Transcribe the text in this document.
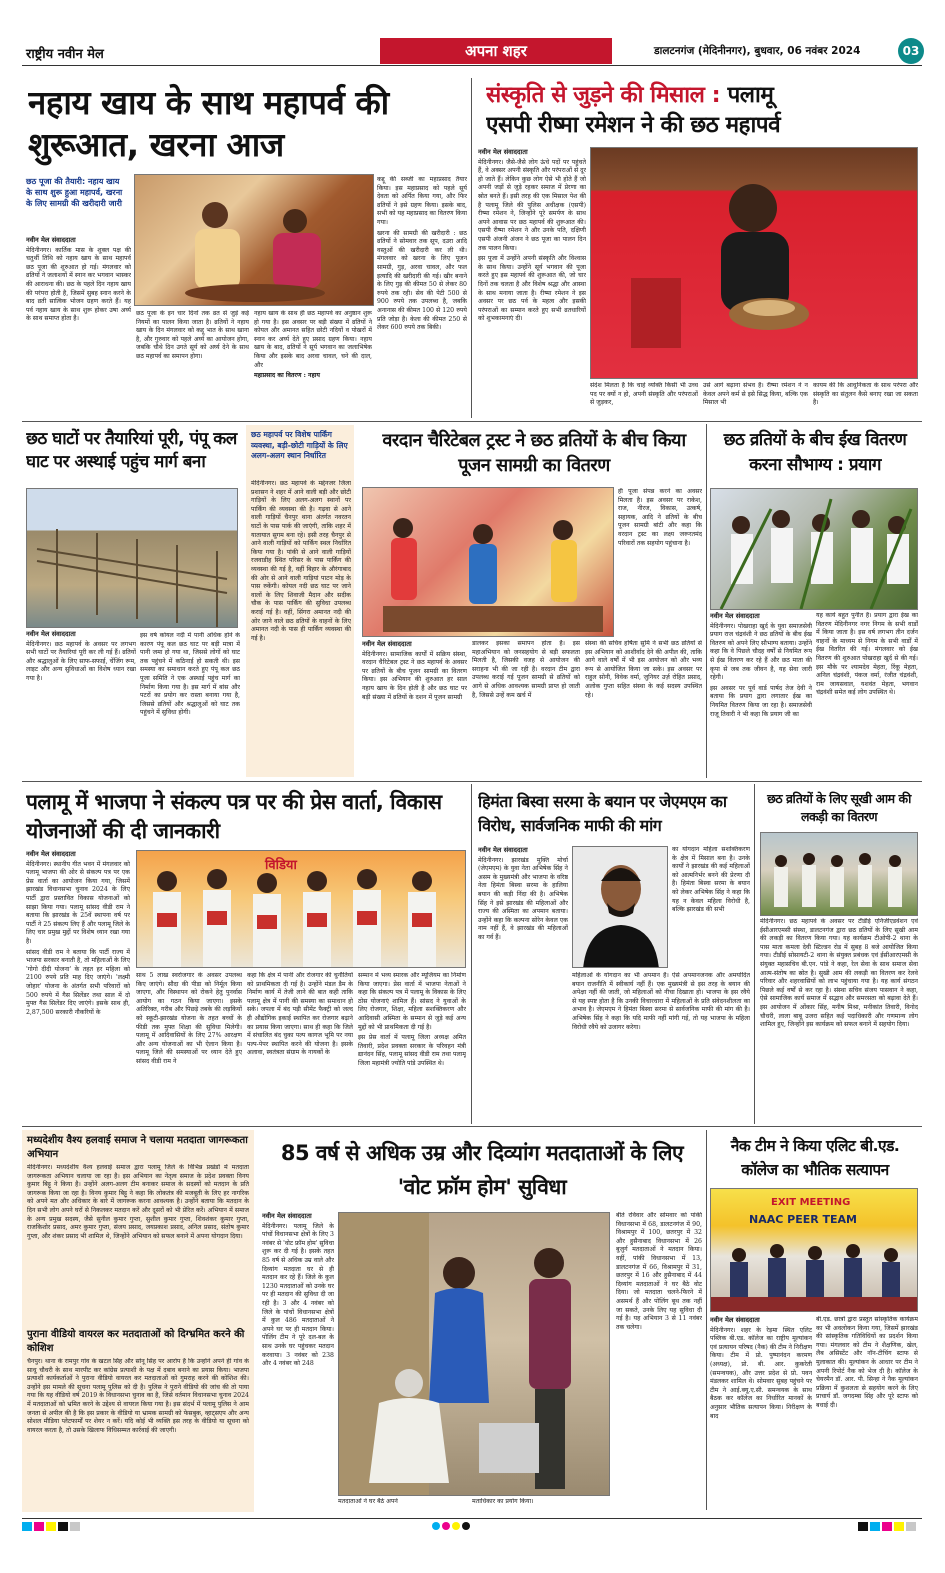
राष्ट्रीय नवीन मेल	अपना शहर	डालटनगंज (मेदिनीनगर), बुधवार, 06 नवंबर 2024	03
नहाय खाय के साथ महापर्व की शुरूआत, खरना आज
छठ पूजा की तैयारी: नहाय खाय के साथ शुरू हुआ महापर्व, खरना के लिए सामग्री की खरीदारी जारी
नवीन मेल संवाददाता

मेदिनीनगर। कार्तिक मास के शुक्ल पक्ष की चतुर्थी तिथि को नहाय खाय के साथ महापर्व छठ पूजा की शुरुआत हो गई। मंगलवार को व्रतियों ने जलाशयों में स्नान कर भगवान भास्कर की आराधना की। छठ के पहले दिन नहाय खाय की परंपरा होती है, जिसमें सुबह स्नान करने के बाद व्रती सात्विक भोजन ग्रहण करते हैं। यह पर्व नहाय खाय के साथ शुरू होकर उषा अर्घ्य के साथ समाप्त होता है।

छठ पूजा के इन चार दिनों तक व्रत से जुड़े कई नियमों का पालन किया जाता है। व्रतियों ने नहाय खाय के दिन मंगलवार को कद्दू भात के साथ खाना है, और गुरुवार को पहले अर्घ्य का आयोजन होगा, जबकि चौथे दिन उगते सूर्य को अर्घ्य देने के साथ छठ महापर्व का समापन होगा।

नहाय खाय के साथ ही छठ महापर्व का अनुष्ठान शुरू हो गया है। इस अवसर पर बड़ी संख्या में व्रतियों ने कोयल और अमानत सहित छोटी नदियों व पोखरों में स्नान कर अर्घ्य देते हुए प्रसाद ग्रहण किया। नहाय खाय के बाद, व्रतियों ने सूर्य भगवान का जलाभिषेक किया और इसके बाद अरवा चावल, चने की दाल, और

महाप्रसाद का वितरण : नहाय

कद्दू की सब्जी का महाप्रसाद तैयार किया। इस महाप्रसाद को पहले सूर्य देवता को अर्पित किया गया, और फिर व्रतियों ने इसे ग्रहण किया। इसके बाद, सभी को यह महाप्रसाद का वितरण किया गया।

खरना की सामग्री की खरीदारी : छठ व्रतियों ने सोमवार तक सूप, दउरा आदि वस्तुओं की खरीदारी कर ली थी। मंगलवार को खरना के लिए पूजन सामग्री, गुड़, अरवा चावल, और फल इत्यादि की खरीदारी की गई। खीर बनाने के लिए गुड़ की कीमत 50 से लेकर 80 रुपये तक रही। सेव की पेटी 500 से 900 रुपये तक उपलब्ध है, जबकि अनानास की कीमत 100 से 120 रुपये प्रति जोड़ा है। केला की कीमत 250 से लेकर 600 रुपये तक बिकी।

संस्कृति से जुड़ने की मिसाल : पलामू
एसपी रीष्मा रमेशन ने की छठ महापर्व
नवीन मेल संवाददाता

मेदिनीनगर। जैसे-जैसे लोग ऊंचे पदों पर पहुंचते हैं, वे अक्सर अपनी संस्कृति और परंपराओं से दूर हो जाते हैं। लेकिन कुछ लोग ऐसे भी होते हैं जो अपनी जड़ों से जुड़े रहकर समाज में प्रेरणा का स्रोत बनते हैं। इसी तरह की एक मिसाल पेश की है पलामू जिले की पुलिस अधीक्षक (एसपी) रीष्मा रमेशन ने, जिन्होंने पूरे समर्पण के साथ अपने आवास पर छठ महापर्व की शुरूआत की। एसपी रीष्मा रमेशन ने और उनके पति, दक्षिणी एसपी अंजनी अंजन ने छठ पूजा का पालन दिन तक पालन किया।

इस पूजा में उन्होंने अपनी संस्कृति और विश्वास के साथ किया। उन्होंने सूर्य भगवान की पूजा करते हुए इस महापर्व की शुरूआत की, जो चार दिनों तक चलता है और विशेष श्रद्धा और आस्था के साथ मनाया जाता है। रीष्मा रमेशन ने इस अवसर पर छठ पर्व के महत्व और इसकी परंपराओं का सम्मान करते हुए सभी व्रतधारियों को शुभकामनाएं दी।

संदेश मिलता है कि चाहे व्यक्ति किसी भी उच्च पद पर क्यों न हो, अपनी संस्कृति और परंपराओं से जुड़कर,

उसे आगे बढ़ाना संभव है। रीष्मा रमेशन ने न केवल अपने कर्म से इसे सिद्ध किया, बल्कि एक मिसाल भी

कायम की कि आधुनिकता के साथ परंपरा और संस्कृति का संतुलन कैसे बनाए रखा जा सकता है।

छठ घाटों पर तैयारियां पूरी, पंपू कल घाट पर अस्थाई पहुंच मार्ग बना
नवीन मेल संवाददाता

मेदिनीनगर। छठ महापर्व के अवसर पर लगभग सभी घाटों पर तैयारियां पूरी कर ली गई हैं। व्रतियों और श्रद्धालुओं के लिए साफ-सफाई, चेंजिंग रूम, लाइट और अन्य सुविधाओं का विशेष ध्यान रखा गया है।

इस वर्ष कोयल नदी में पानी अधिक होने के कारण पंपू कल छठ घाट पर बड़ी मात्रा में पानी जमा हो गया था, जिससे लोगों को घाट तक पहुंचने में कठिनाई हो सकती थी। इस समस्या का समाधान करते हुए पंपू कल छठ पूजा समिति ने एक अस्थाई पहुंच मार्ग का निर्माण किया गया है। इस मार्ग में बांस और पटरों का प्रयोग कर रास्ता बनाया गया है, जिससे व्रतियों और श्रद्धालुओं को घाट तक पहुंचने में सुविधा होगी।

छठ महापर्व पर विशेष पार्किंग व्यवस्था, बड़ी-छोटी गाड़ियों के लिए अलग-अलग स्थान निर्धारित

मेदिनीनगर। छठ महापर्व के मद्देनजर जिला प्रशासन ने शहर में आने वाली बड़ी और छोटी गाड़ियों के लिए अलग-अलग स्थानों पर पार्किंग की व्यवस्था की है। गढ़वा से आने वाली गाड़ियों चैनपुर थाना अंतर्गत नवरतन घाटों के पास पार्क की जाएंगी, ताकि शहर में यातायात सुगम बना रहे। इसी तरह चैनपुर से आने वाली गाड़ियों को पार्किंग स्थल निर्धारित किया गया है। पांकी से आने वाली गाड़ियों रजवाडीह स्थित परिसर के पास पार्किंग की व्यवस्था की गई है, वहीं बिहार के औरंगाबाद की ओर से आने वाली गाड़ियां पाटन मोड़ के पास रुकेंगी। कोयल नदी छठ घाट पर जाने वालों के लिए शिवाजी मैदान और सदीक चौक के पास पार्किंग की सुविधा उपलब्ध कराई गई है। वहीं, सिंगरा अमानत नदी की ओर जाने वाले छठ व्रतियों के वाहनों के लिए अमानत नदी के पास ही पार्किंग व्यवस्था की गई है।

वरदान चैरिटेबल ट्रस्ट ने छठ व्रतियों के बीच किया पूजन सामग्री का वितरण
नवीन मेल संवाददाता

मेदिनीनगर। सामाजिक कार्यों में सक्रिय संस्था, वरदान चैरिटेबल ट्रस्ट ने छठ महापर्व के अवसर पर व्रतियों के बीच पूजन सामग्री का वितरण किया। इस अभियान की शुरुआत हर साल नहाय खाय के दिन होती है और छठ घाट पर बड़ी संख्या में व्रतियों के दशन में पूजन सामग्री

डालकर इसका समापन होता है। इस महाअभियान को जनसहयोग से बड़ी सफलता मिलती है, जिसकी वजह से आयोजन की सराहना भी की जा रही है। वरदान टीम द्वारा उपलब्ध कराई गई पूजन सामग्री से व्रतियों को आगे से अधिक आवश्यक सामग्री प्राप्त हो जाती है, जिससे उन्हें कम खर्च में

ही पूजा संपन्न करने का अवसर मिलता है। इस अवसर पर राकेश, राज, नीरज, विकास, उत्कर्ष, सहायक, आदि ने व्रतियों के बीच पूजन सामग्री बांटी और कहा कि वरदान ट्रस्ट का लक्ष्य जरूरतमंद परिवारों तक सहयोग पहुंचाना है।

संस्था की सचिव हर्षिता सुमि ने सभी छठ व्रतियों से इस अभियान को आशीर्वाद देने की अपील की, ताकि आगे वाले वर्षों में भी इस आयोजन को और भव्य रूप से आयोजित किया जा सके। इस अवसर पर राहुल सोनी, विवेक वर्मा, जुनियर उर्ज़ रोहित प्रसाद, अलोक गुप्ता सहित संस्था के कई सदस्य उपस्थित रहे।

छठ व्रतियों के बीच ईख वितरण करना सौभाग्य : प्रयाग
नवीन मेल संवाददाता

मेदिनीनगर। पोखराहा खुर्द के युवा समाजसेवी प्रयाग राज चंद्रवंशी ने छठ व्रतियों के बीच ईख वितरण को अपने लिए सौभाग्य बताया। उन्होंने कहा कि वे पिछले चौदह वर्षों से नियमित रूप से ईख वितरण कर रहे हैं और छठ माता की कृपा से जब तक जीवन है, यह सेवा जारी रहेगी।

इस अवसर पर पूर्व वार्ड पार्षद तेज देवी ने बताया कि प्रयाग द्वारा लगातार ईख का नियमित वितरण किया जा रहा है। समाजसेवी राजू तिवारी ने भी कहा कि प्रयाग जी का

यह कार्य बहुत पुनीत है। प्रयाग द्वारा ईख का वितरण मेदिनीनगर नगर निगम के सभी वार्डों में किया जाता है। इस वर्ष लगभग तीन दर्जन वाहनों के माध्यम से निगम के सभी वार्डों में ईख वितरित की गई। मंगलवार को ईख वितरण की शुरुआत पोखराहा खुर्द से की गई। इस मौके पर श्यामदेव मेहता, रिंकू मेहता, अनिल चंद्रवंशी, पंकज वर्मा, रंजीत चंद्रवंशी, राम जायसवाल, यशवंत मेहता, भगवान चंद्रवंशी समेत कई लोग उपस्थित थे।

पलामू में भाजपा ने संकल्प पत्र पर की प्रेस वार्ता, विकास योजनाओं की दी जानकारी
नवीन मेल संवाददाता

मेदिनीनगर। स्थानीय गीत भवन में मंगलवार को पलामू भाजपा की ओर से संकल्प पत्र पर एक प्रेस वार्ता का आयोजन किया गया, जिसमें झारखंड विधानसभा चुनाव 2024 के लिए पार्टी द्वारा प्रस्तावित विकास योजनाओं को साझा किया गया। पलामू सांसद वीडी राम ने बताया कि झारखंड के 25वें स्थापना वर्ष पर पार्टी ने 25 संकल्प लिए हैं और पलामू जिले के लिए चार प्रमुख मुद्दों पर विशेष ध्यान रखा गया है।

सांसद वीडी राम ने बताया कि पार्टी राज्य में भाजपा सरकार बनाती है, तो महिलाओं के लिए 'गोगो दीदी योजना' के तहत हर महिला को 2100 रुपये प्रति माह दिए जाएंगे। 'लक्ष्मी जोहार' योजना के अंतर्गत सभी परिवारों को 500 रुपये में गैस सिलेंडर तथा साल में दो मुफ्त गैस सिलेंडर दिए जाएंगे। इसके साथ ही, 2,87,500 सरकारी नौकरियों के

विडिया

साथ 5 लाख स्वरोजगार के अवसर उपलब्ध किए जाएंगे। सौदा की पीडा को निर्मूल किया जाएगा, और विस्थापन को रोकने हेतु पुनर्वास आयोग का गठन किया जाएगा। इसके अतिरिक्त, गरीब और पिछड़े तबके की लड़कियों को स्कूटी-झारखंड योजना के तहत बच्चों के फीडी तक मुफ्त शिक्षा की सुविधा मिलेगी। पलामू में आदिवासियों के लिए 27% आरक्षण और अन्य योजनाओं का भी ऐलान किया है। पलामू जिले की समस्याओं पर ध्यान देते हुए सांसद वीडी राम ने

कहा कि क्षेत्र में पानी और रोजगार की चुनौतियों को प्राथमिकता दी गई है। उन्होंने मंडल डैम के निर्माण कार्य में तेजी लाने की बात कही ताकि पलामू क्षेत्र में पानी की समस्या का समाधान हो सके। जपला में बंद पड़ी सीमेंट फैक्ट्री को जल्द ही औद्योगिक इकाई स्थापित कर रोजगार बढ़ाने का प्रयास किया जाएगा। साथ ही कहा कि जिले में संचालित बंद चुका पल्प कागज भूमि पर नया पल्प-पेपर स्थापित करने की योजना है। इसके अलावा, स्वतंत्रता संग्राम के नायकों के

सम्मान में भव्य स्मारक और म्यूजियम का निर्माण किया जाएगा। प्रेस वार्ता में भाजपा नेताओं ने कहा कि संकल्प पत्र में पलामू के विकास के लिए ठोस योजनाएं शामिल हैं। सांसद ने युवाओं के लिए रोजगार, शिक्षा, महिला सशक्तिकरण और आदिवासी अस्मिता के सम्मान से जुड़े कई अन्य मुद्दों को भी प्राथमिकता दी गई है।

इस प्रेस वार्ता में पलामू जिला अध्यक्ष अमित तिवारी, प्रदेश प्रवक्ता सरकार के परिवहन मंत्री द्यानंदन सिंह, पलामू सांसद वीडी राम तथा पलामू जिला महामंत्री ज्योति पांडे उपस्थित थे।

हिमंता बिस्वा सरमा के बयान पर जेएमएम का विरोध, सार्वजनिक माफी की मांग
नवीन मेल संवाददाता

मेदिनीनगर। झारखंड मुक्ति मोर्चा (जेएमएम) के युवा नेता अभिषेक सिंह ने असम के मुख्यमंत्री और भाजपा के वरिष्ठ नेता हिमंता बिस्वा सरमा के हालिया बयान की कड़ी निंदा की है। अभिषेक सिंह ने इसे झारखंड की महिलाओं और राज्य की अस्मिता का अपमान बताया। उन्होंने कहा कि कल्पना सोरेन केवल एक नाम नहीं हैं, वे झारखंड की महिलाओं का गर्व हैं।

का योगदान महिला सशक्तिकरण के क्षेत्र में मिसाल बना है। उनके कार्यों ने झारखंड की कई महिलाओं को आत्मनिर्भर बनने की प्रेरणा दी है। हिमंता बिस्वा सरमा के बयान को लेकर अभिषेक सिंह ने कहा कि यह न केवल महिला विरोधी है, बल्कि झारखंड की सभी

महिलाओं के योगदान का भी अपमान है। ऐसे अपमानजनक और अमर्यादित बयान राजनीति में स्वीकार्य नहीं हैं। एक मुख्यमंत्री से इस तरह के बयान की अपेक्षा नहीं की जाती, जो महिलाओं को नीचा दिखाता हो। भाजपा के इस रवैये से यह स्पष्ट होता है कि उनकी विचारधारा में महिलाओं के प्रति संवेदनशीलता का अभाव है। जेएमएम ने हिमंता बिस्वा सरमा से सार्वजनिक माफी की मांग की है। अभिषेक सिंह ने कहा कि यदि माफी नहीं मांगी गई, तो यह भाजपा के महिला विरोधी रवैये को उजागर करेगा।

छठ व्रतियों के लिए सूखी आम की लकड़ी का वितरण

मेदिनीनगर। छठ महापर्व के अवसर पर टीडीई एनिर्जीएडवेंशन एवं ईसीआरएमसी संस्था, डालटनगंज द्वारा छठ व्रतियों के लिए सूखी आम की लकड़ी का वितरण किया गया। यह कार्यक्रम टीओपी-2 थाना के पास माता कमला देवी स्टिल्डन रोड में सुबह 8 बजे आयोजित किया गया। टीडीई सोसायटी-2 थाना के संयुक्त प्रबंधक एवं ईसीआरएमसी के संयुक्त महासचिव बी.एन. पांडे ने कहा, रेल सेवा के साथ समाज सेवा आत्म-संतोष का स्रोत है। सुखी आम की लकड़ी का वितरण कर रेलवे परिवार और शहरवासियों को लाभ पहुंचाया गया है। यह कार्य संगठन पिछले कई वर्षों से कर रहा है। संस्था सचिव संजय पासवान ने कहा, ऐसे सामाजिक कार्य समाज में सद्भाव और समरसता को बढ़ावा देते हैं। इस आयोजन में ओंकार सिंह, मनीष मिश्रा, मनीकांत तिवारी, विनोद चौधरी, लाला बाबू उजरा सहित कई पदाधिकारी और गणमान्य लोग शामिल हुए, जिन्होंने इस कार्यक्रम को सफल बनाने में सहयोग दिया।

मध्यदेशीय वैश्य हलवाई समाज ने चलाया मतदाता जागरूकता अभियान

मेदिनीनगर। मध्यदेशीय वैश्य हलवाई समाज द्वारा पलामू जिले के विभिन्न प्रखंडों में मतदाता जागरूकता अभियान चलाया जा रहा है। इस अभियान का नेतृत्व समाज के प्रदेश प्रवक्ता विनय कुमार बिट्टू ने किया है। उन्होंने अलग-अलग टीम बनाकर समाज के सदस्यों को मतदान के प्रति जागरूक किया जा रहा है। विनय कुमार बिट्टू ने कहा कि लोकतंत्र की मजबूती के लिए हर नागरिक को अपने मत और अधिकार के बारे में जागरूक करना आवश्यक है। उन्होंने बताया कि मतदान के दिन सभी लोग अपने घरों से निकलकर मतदान करें और दूसरों को भी प्रेरित करें। अभियान में समाज के अन्य प्रमुख सदस्य, जैसे सुनील कुमार गुप्ता, सुशील कुमार गुप्ता, शिवशंकर कुमार गुप्ता, राजकिशोर प्रसाद, अमर कुमार गुप्ता, संजय प्रसाद, जयप्रकाश प्रसाद, अनिल प्रसाद, संतोष कुमार गुप्ता, और शंकर प्रसाद भी शामिल थे, जिन्होंने अभियान को सफल बनाने में अपना योगदान दिया।

पुराना वीडियो वायरल कर मतदाताओं को दिग्भ्रमित करने की कोशिश

चैनपुर। थाना के रामपुर गांव के खटल सिंह और सोनू सिंह पर आरोप है कि उन्होंने अपने ही गांव के साधु चौधरी के साथ मारपीट कर कांग्रेस प्रत्याशी के पक्ष में दबाव बनाने का प्रयास किया। भाजपा प्रत्याशी कार्यकर्ताओं ने पुराना वीडियो वायरल कर मतदाताओं को गुमराह करने की कोशिश की। उन्होंने इस मामले की सूचना पलामू पुलिस को दी है। पुलिस ने पुराने वीडियो की जांच की तो पाया गया कि यह वीडियो वर्ष 2019 के विधानसभा चुनाव का है, जिसे वर्तमान विधानसभा चुनाव 2024 में मतदाताओं को भ्रमित करने के उद्देश्य से वायरल किया गया है। इस संदर्भ में पलामू पुलिस ने आम जनता से अपील की है कि इस प्रकार के वीडियो या भ्रामक सामग्री को फेसबुक, व्हाट्सएप और अन्य सोशल मीडिया प्लेटफार्मों पर शेयर न करें। यदि कोई भी व्यक्ति इस तरह के वीडियो या सूचना को वायरल करता है, तो उसके खिलाफ विधिसम्मत कार्रवाई की जाएगी।

85 वर्ष से अधिक उम्र और दिव्यांग मतदाताओं के लिए 'वोट फ्रॉम होम' सुविधा
नवीन मेल संवाददाता

मेदिनीनगर। पलामू जिले के पांचों विधानसभा क्षेत्रों के लिए 3 नवंबर से 'वोट फ्रॉम होम' सुविधा शुरू कर दी गई है। इसके तहत 85 वर्ष से अधिक उम्र वाले और दिव्यांग मतदाता घर से ही मतदान कर रहे हैं। जिले के कुल 1230 मतदाताओं को उनके घर पर ही मतदान की सुविधा दी जा रही है। 3 और 4 नवंबर को जिले के पांचों विधानसभा क्षेत्रों में कुल 486 मतदाताओं ने अपने घर पर ही मतदान किया। पोलिंग टीम ने पूरे दल-बल के साथ उनके घर पहुंचकर मतदान करवाया। 3 नवंबर को 238 और 4 नवंबर को 248

मतदाताओं ने घर बैठे अपने

बीते रविवार और सोमवार को पांकी विधानसभा में 68, डालटनगंज में 90, विश्रामपुर में 100, छतरपुर में 32 और हुसैनाबाद विधानसभा में 26 बुजुर्ग मतदाताओं ने मतदान किया। वहीं, पांकी विधानसभा में 13, डालटनगंज में 66, विश्रामपुर में 31, छतरपुर में 16 और हुसैनाबाद में 44 दिव्यांग मतदाताओं ने घर बैठे वोट दिया। जो मतदाता चलने-फिरने में असमर्थ हैं और पोलिंग बूथ तक नहीं जा सकते, उनके लिए यह सुविधा दी गई है। यह अभियान 3 से 11 नवंबर तक चलेगा।

मताधिकार का प्रयोग किया।

नैक टीम ने किया एलिट बी.एड. कॉलेज का भौतिक सत्यापन
EXIT MEETING
NAAC PEER TEAM
नवीन मेल संवाददाता

मेदिनीनगर। शहर के रेड़मा स्थित एलिट पब्लिक बी.एड. कॉलेज का राष्ट्रीय मूल्यांकन एवं प्रत्यायन परिषद (नैक) की टीम ने निरीक्षण किया। टीम में प्रो. पुष्पानंदन करमण (अध्यक्ष), प्रो. बी. आर. कुकरेती (समन्वयक), और उत्तर प्रदेश से प्रो. पवन मंडलकर शामिल थे। सोमवार सुबह पहुंचने पर टीम ने आई.क्यू.ए.सी. समन्वयक के साथ बैठक कर कॉलेज का निर्धारित मानकों के अनुसार भौतिक सत्यापन किया। निरीक्षण के बाद

बी.एड. छात्रों द्वारा प्रस्तुत सांस्कृतिक कार्यक्रम का भी अवलोकन किया गया, जिसमें झारखंड की सांस्कृतिक गतिविधियों का प्रदर्शन किया गया। मंगलवार को टीम ने शैक्षणिक, खेल, लैब असिस्टेंट और नॉन-टीचिंग स्टाफ से मुलाकात की। मूल्यांकन के आधार पर टीम ने अपनी रिपोर्ट नैक को भेज दी है। कॉलेज के चेयरमैन डॉ. आर. पी. सिन्हा ने नैक मूल्यांकन प्रक्रिया में कुशलता से सहयोग करने के लिए प्राचार्य डॉ. जगदम्बा सिंह और पूरे स्टाफ को बधाई दी।
